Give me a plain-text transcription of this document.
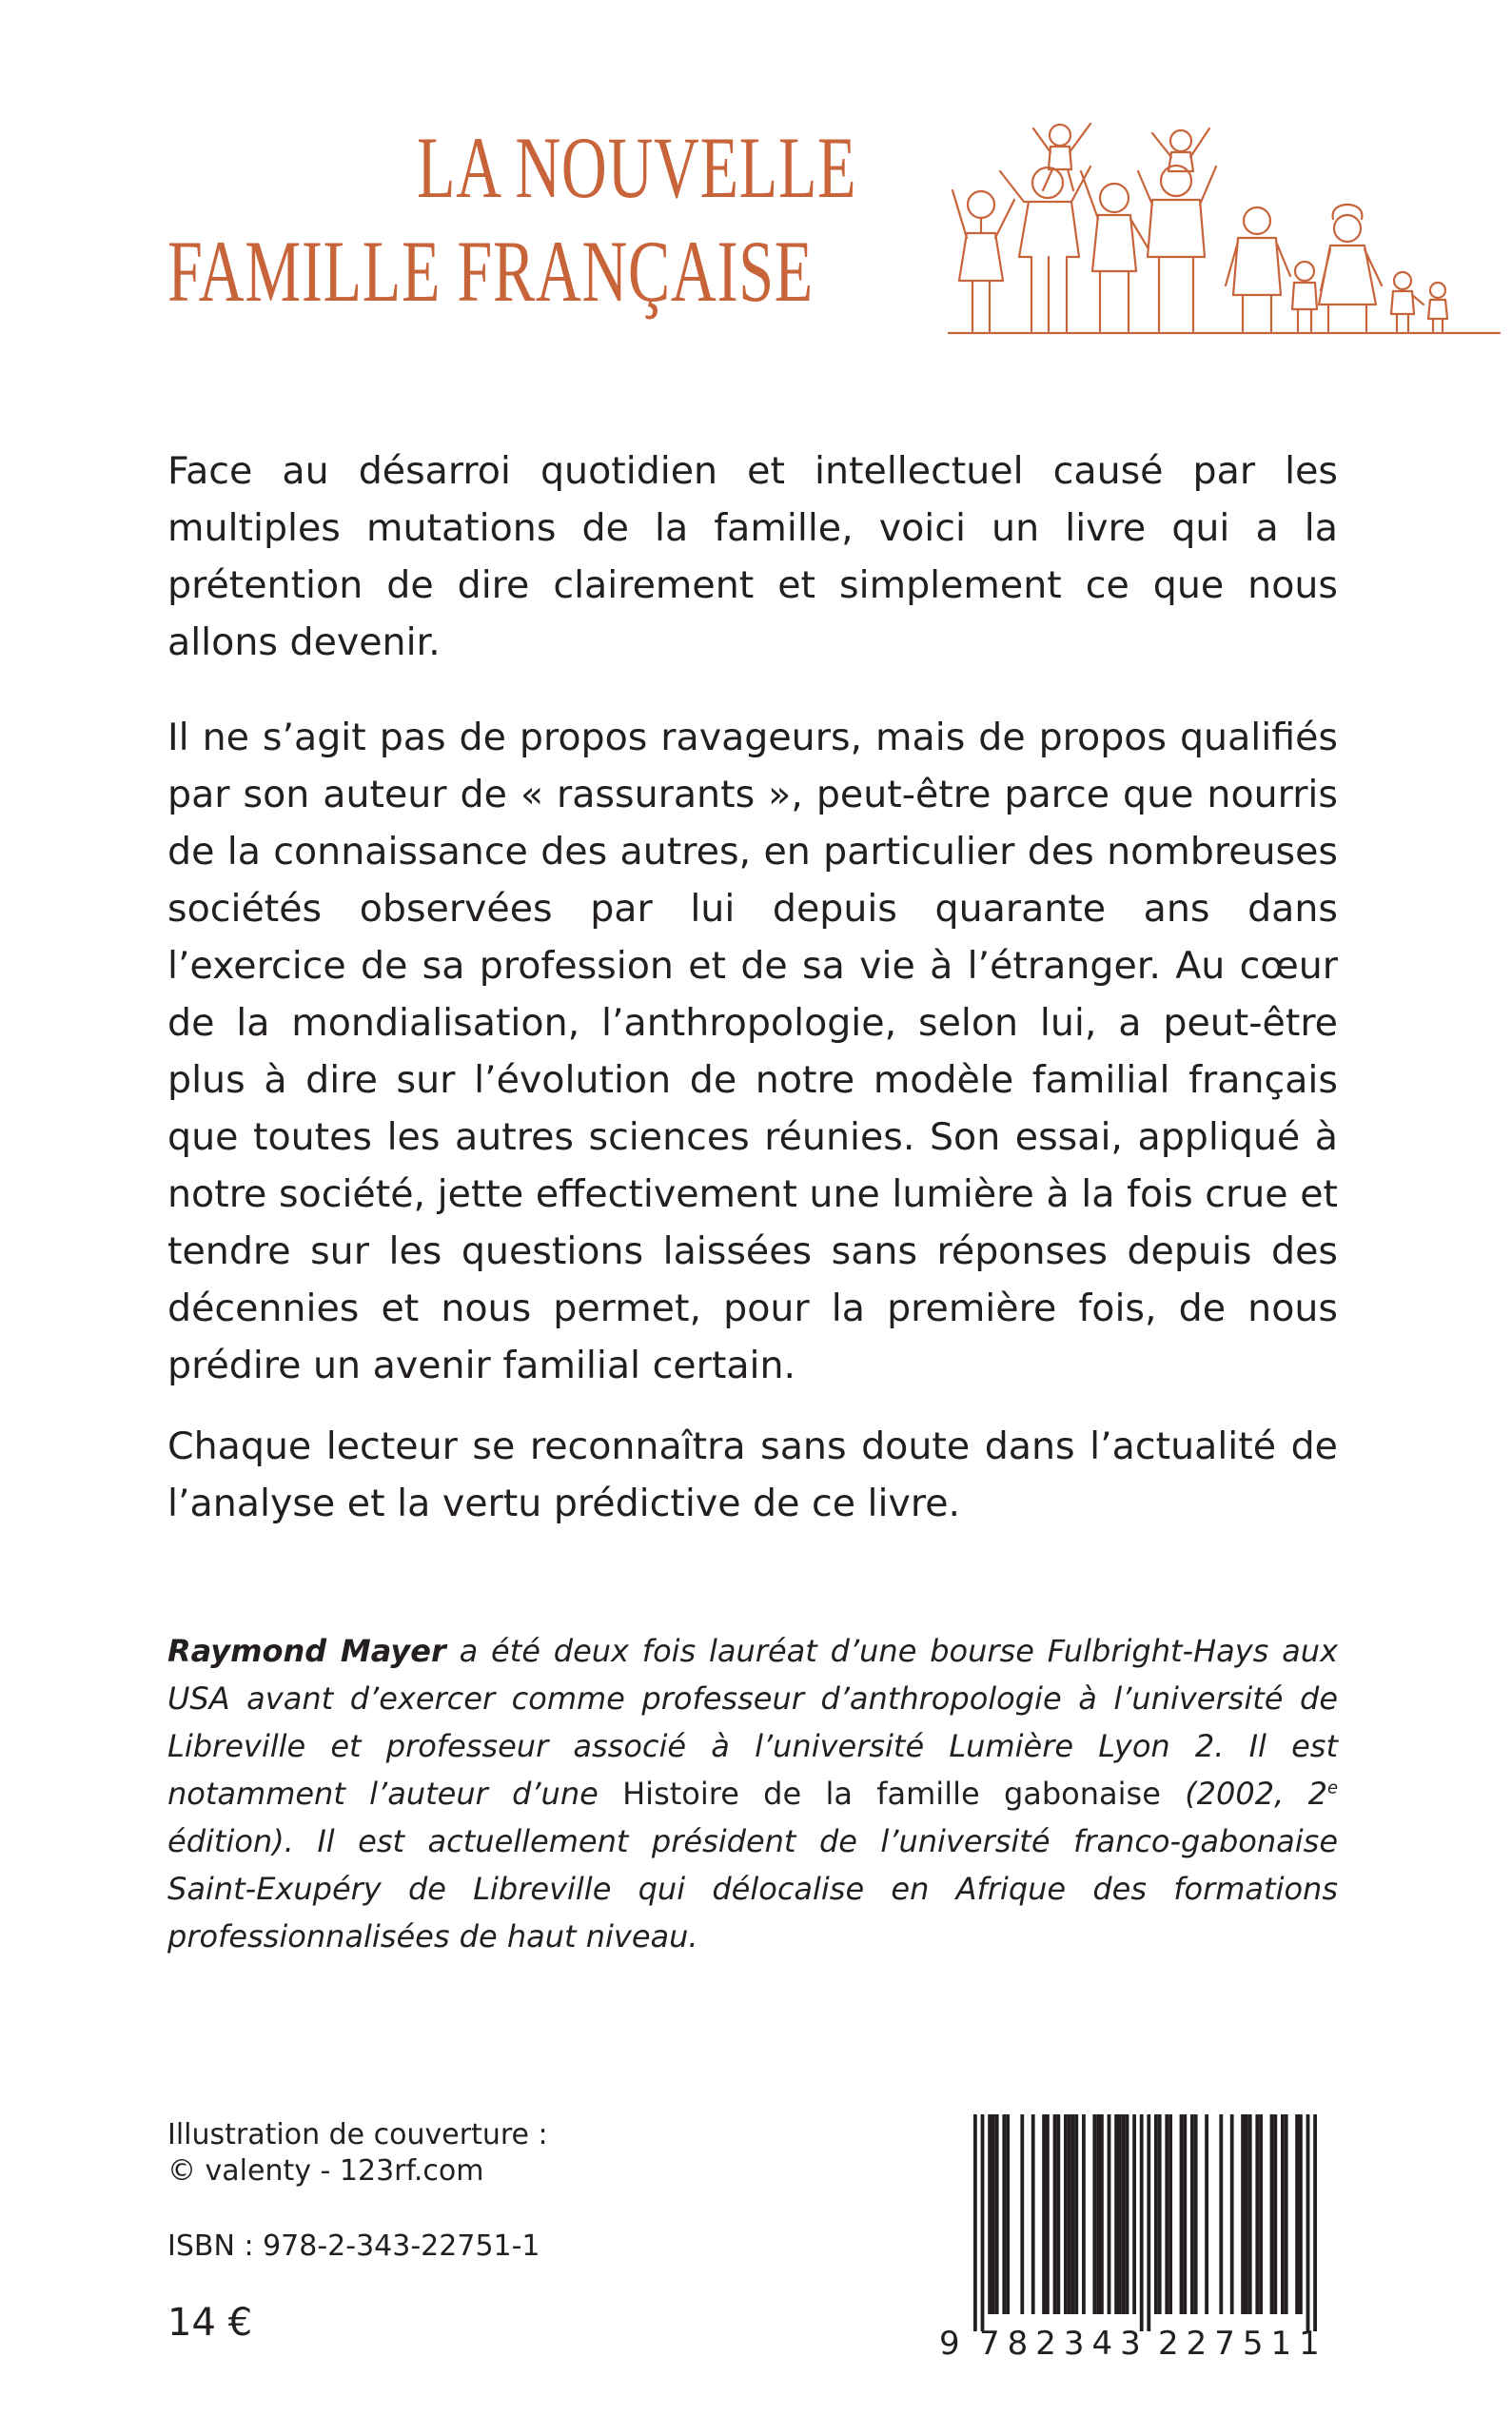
LA NOUVELLE
FAMILLE FRANÇAISE

Face au désarroi quotidien et intellectuel causé par les multiples mutations de la famille, voici un livre qui a la prétention de dire clairement et simplement ce que nous allons devenir.

Il ne s’agit pas de propos ravageurs, mais de propos qualifiés par son auteur de « rassurants », peut-être parce que nourris de la connaissance des autres, en particulier des nombreuses sociétés observées par lui depuis quarante ans dans l’exercice de sa profession et de sa vie à l’étranger. Au cœur de la mondialisation, l’anthropologie, selon lui, a peut-être plus à dire sur l’évolution de notre modèle familial français que toutes les autres sciences réunies. Son essai, appliqué à notre société, jette effectivement une lumière à la fois crue et tendre sur les questions laissées sans réponses depuis des décennies et nous permet, pour la première fois, de nous prédire un avenir familial certain.

Chaque lecteur se reconnaîtra sans doute dans l’actualité de l’analyse et la vertu prédictive de ce livre.

Raymond Mayer a été deux fois lauréat d’une bourse Fulbright-Hays aux USA avant d’exercer comme professeur d’anthropologie à l’université de Libreville et professeur associé à l’université Lumière Lyon 2. Il est notamment l’auteur d’une Histoire de la famille gabonaise (2002, 2e édition). Il est actuellement président de l’université franco-gabonaise Saint-Exupéry de Libreville qui délocalise en Afrique des formations professionnalisées de haut niveau.

Illustration de couverture :
© valenty - 123rf.com
ISBN : 978-2-343-22751-1
14 €	9 782343 227511
